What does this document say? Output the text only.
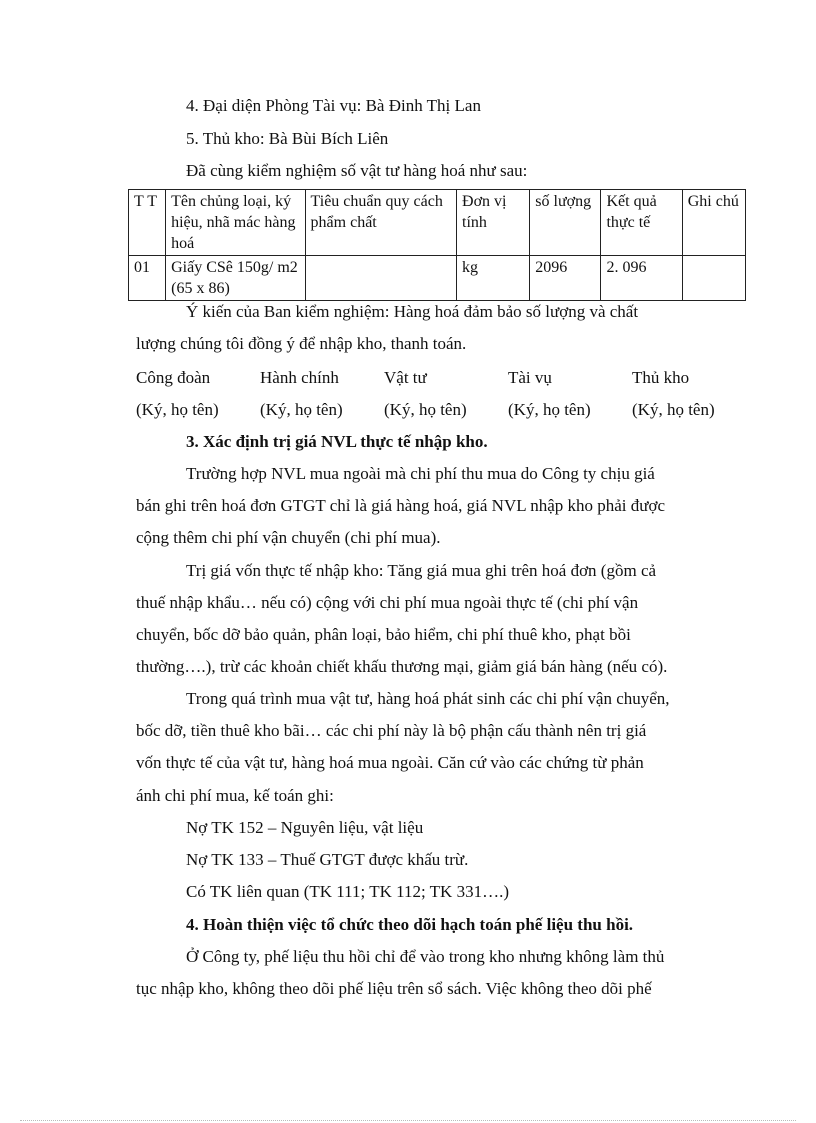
4. Đại diện Phòng Tài vụ: Bà Đinh Thị Lan
5. Thủ kho: Bà Bùi Bích Liên
Đã cùng kiểm nghiệm số vật tư hàng hoá như sau:
T T	Tên chủng loại, ký hiệu, nhã mác hàng hoá	Tiêu chuẩn quy cách phẩm chất	Đơn vị tính	số lượng	Kết quả thực tế	Ghi chú
01	Giấy CSê 150g/ m2 (65 x 86)		kg	2096	2. 096	
Ý kiến của Ban kiểm nghiệm: Hàng hoá đảm bảo số lượng và chất
lượng chúng tôi đồng ý để nhập kho, thanh toán.
Công đoàn	Hành chính	Vật tư	Tài vụ	Thủ kho
(Ký, họ tên)	(Ký, họ tên)	(Ký, họ tên)	(Ký, họ tên)	(Ký, họ tên)
3. Xác định trị giá NVL thực tế nhập kho.
Trường hợp NVL mua ngoài mà chi phí thu mua do Công ty chịu giá
bán ghi trên hoá đơn GTGT chỉ là giá hàng hoá, giá NVL nhập kho phải được
cộng thêm chi phí vận chuyển (chi phí mua).
Trị giá vốn thực tế nhập kho: Tăng giá mua ghi trên hoá đơn (gồm cả
thuế nhập khẩu… nếu có) cộng với chi phí mua ngoài thực tế (chi phí vận
chuyển, bốc dỡ bảo quản, phân loại, bảo hiểm, chi phí thuê kho, phạt bồi
thường….), trừ các khoản chiết khấu thương mại, giảm giá bán hàng (nếu có).
Trong quá trình mua vật tư, hàng hoá phát sinh các chi phí vận chuyển,
bốc dỡ, tiền thuê kho bãi… các chi phí này là bộ phận cấu thành nên trị giá
vốn thực tế của vật tư, hàng hoá mua ngoài. Căn cứ vào các chứng từ phản
ánh chi phí mua, kế toán ghi:
Nợ TK 152 – Nguyên liệu, vật liệu
Nợ TK 133 – Thuế GTGT được khấu trừ.
Có TK liên quan (TK 111; TK 112; TK 331….)
4. Hoàn thiện việc tổ chức theo dõi hạch toán phế liệu thu hồi.
Ở Công ty, phế liệu thu hồi chỉ để vào trong kho nhưng không làm thủ
tục nhập kho, không theo dõi phế liệu trên sổ sách. Việc không theo dõi phế
